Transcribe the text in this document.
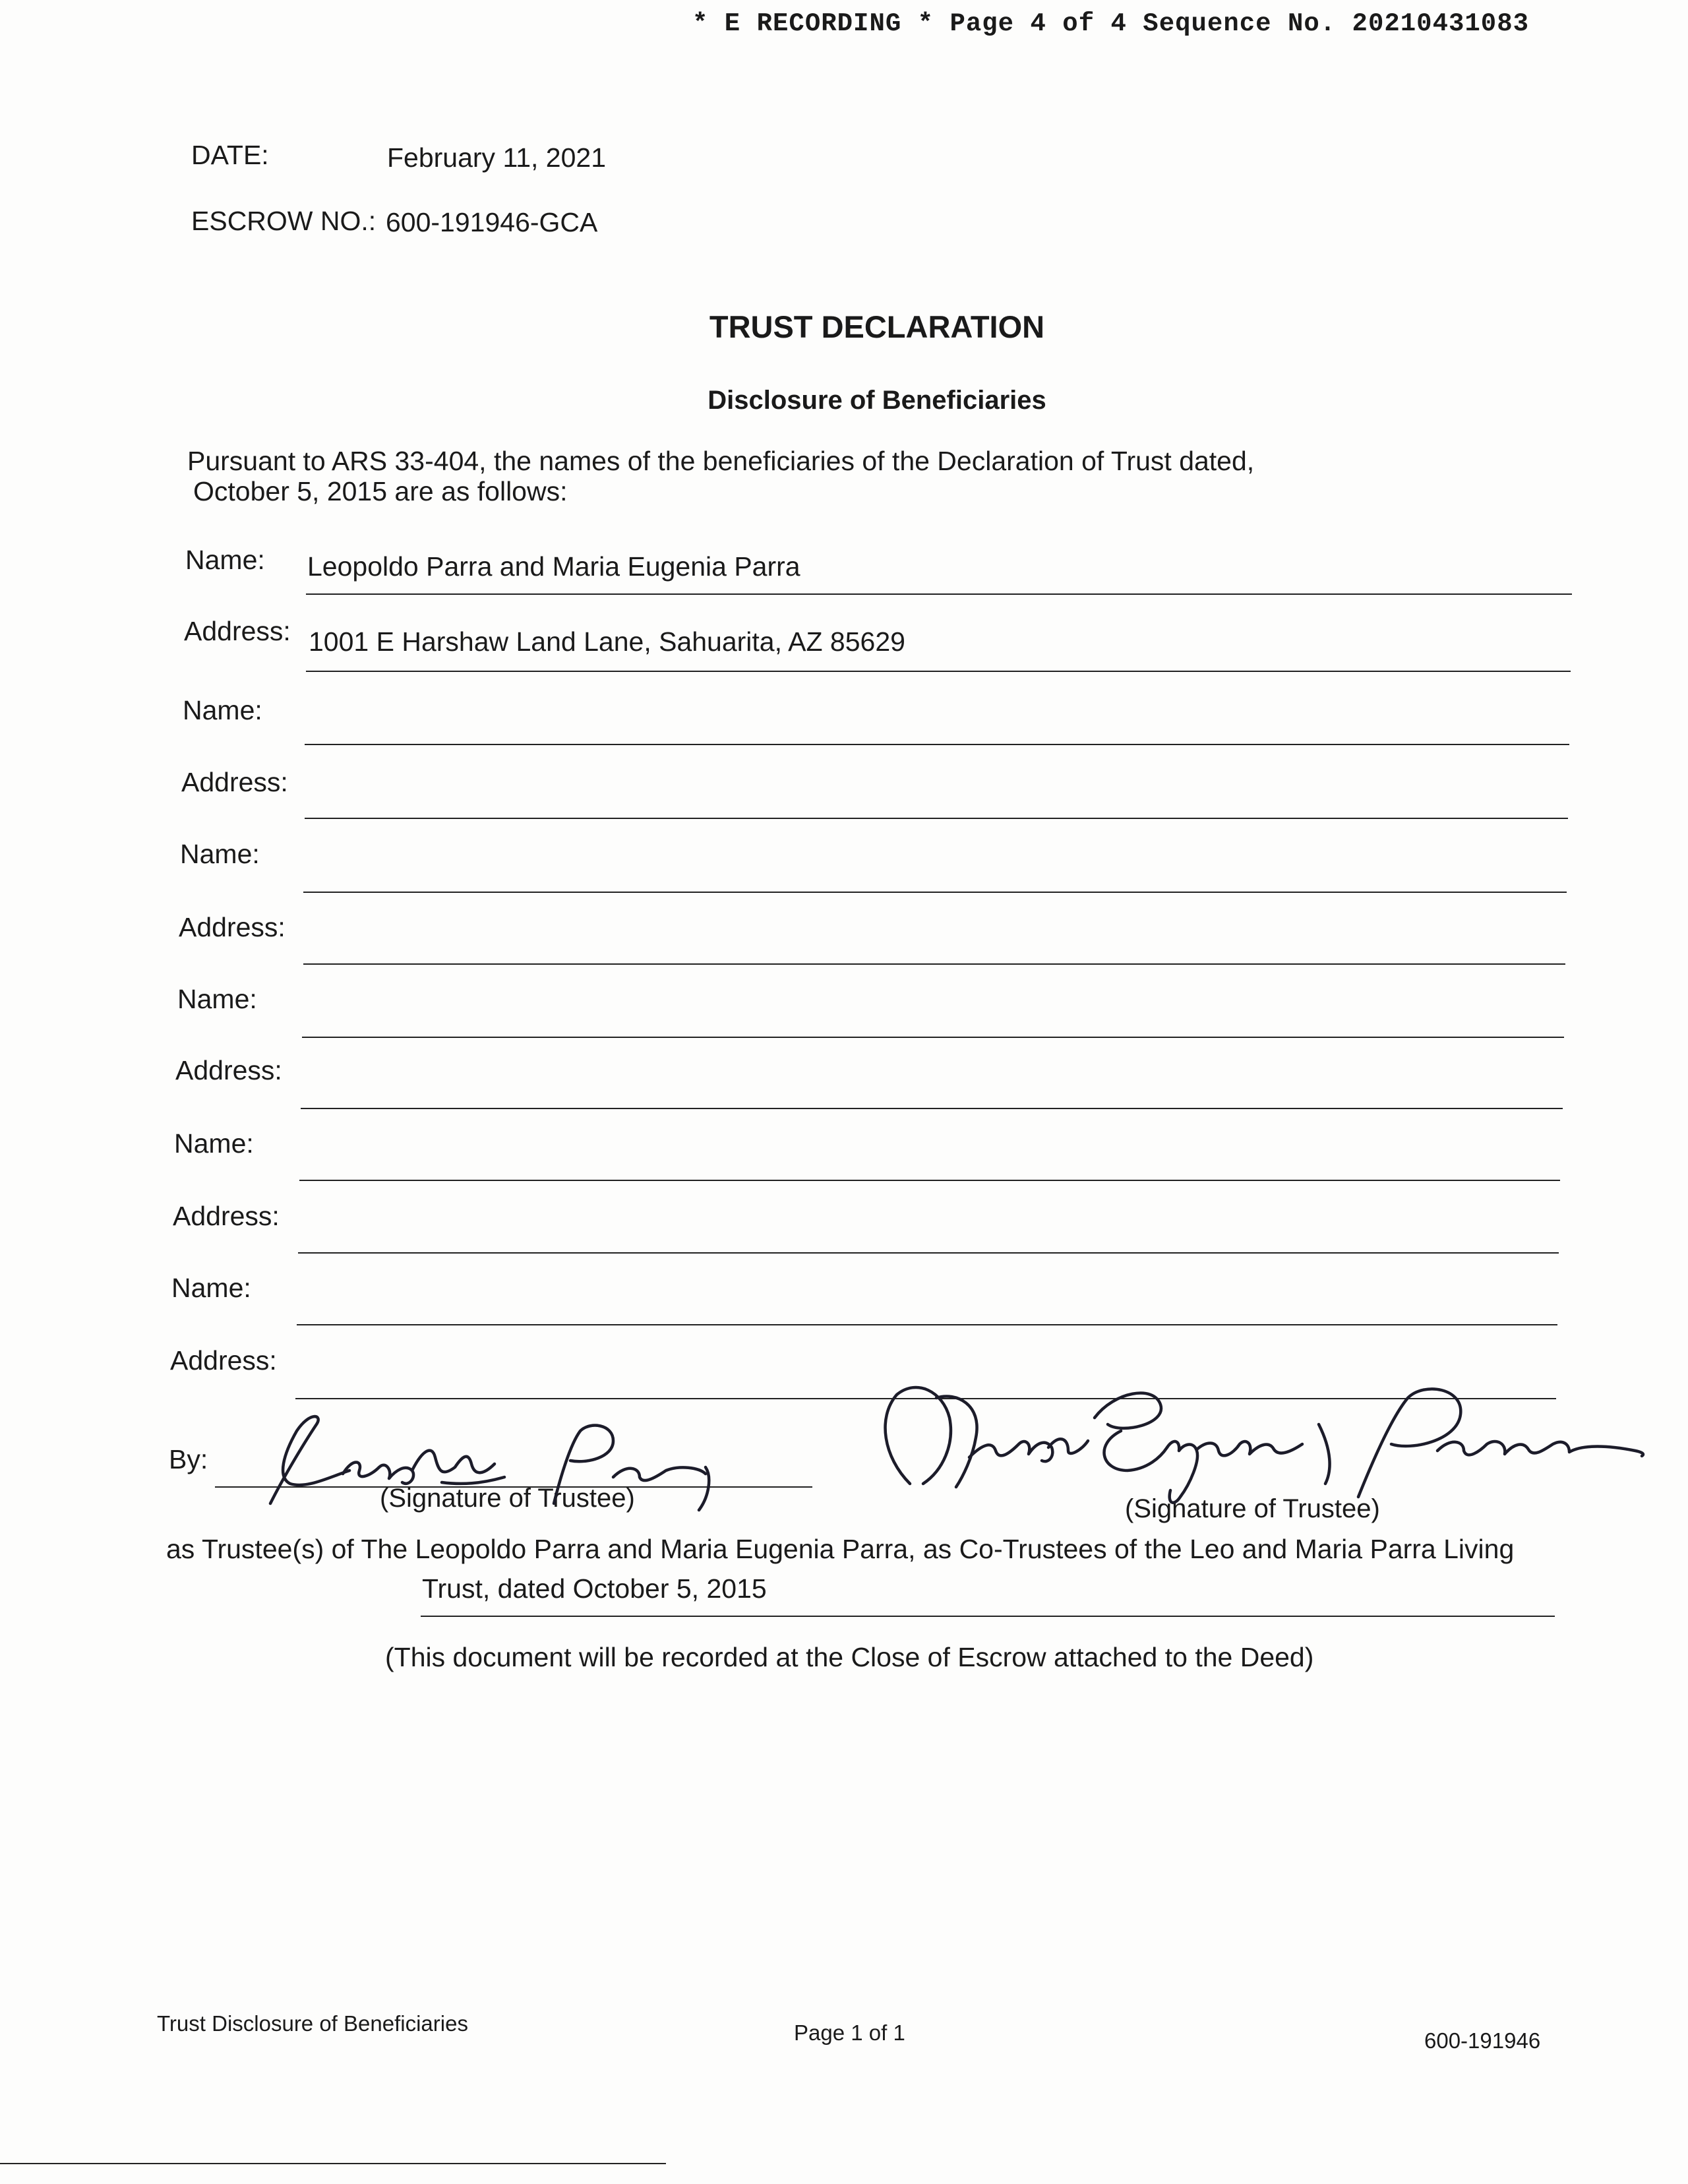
* E RECORDING * Page 4 of 4 Sequence No. 20210431083
DATE:	February 11, 2021
ESCROW NO.: 600-191946-GCA
TRUST DECLARATION
Disclosure of Beneficiaries
Pursuant to ARS 33-404, the names of the beneficiaries of the Declaration of Trust dated,
October 5, 2015 are as follows:
Name: Leopoldo Parra and Maria Eugenia Parra
Address: 1001 E Harshaw Land Lane, Sahuarita, AZ 85629
Name:
Address:
Name:
Address:
Name:
Address:
Name:
Address:
Name:
Address:
By:
(Signature of Trustee)	(Signature of Trustee)
as Trustee(s) of The Leopoldo Parra and Maria Eugenia Parra, as Co-Trustees of the Leo and Maria Parra Living
Trust, dated October 5, 2015
(This document will be recorded at the Close of Escrow attached to the Deed)
Trust Disclosure of Beneficiaries	Page 1 of 1	600-191946
